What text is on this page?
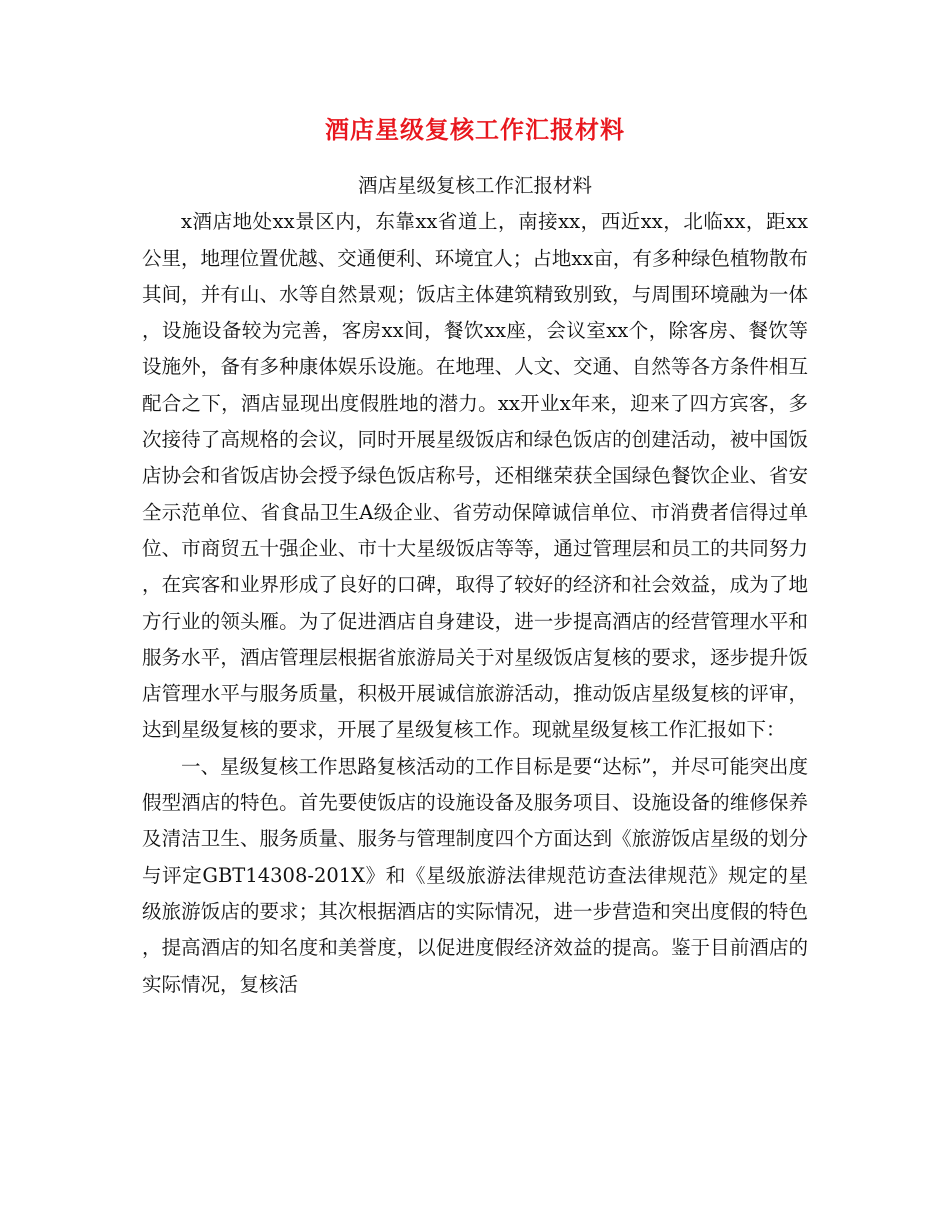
酒店星级复核工作汇报材料

酒店星级复核工作汇报材料

x酒店地处xx景区内，东靠xx省道上，南接xx，西近xx，北临xx，距xx公里，地理位置优越、交通便利、环境宜人；占地xx亩，有多种绿色植物散布其间，并有山、水等自然景观；饭店主体建筑精致别致，与周围环境融为一体，设施设备较为完善，客房xx间，餐饮xx座，会议室xx个，除客房、餐饮等设施外，备有多种康体娱乐设施。在地理、人文、交通、自然等各方条件相互配合之下，酒店显现出度假胜地的潜力。xx开业x年来，迎来了四方宾客，多次接待了高规格的会议，同时开展星级饭店和绿色饭店的创建活动，被中国饭店协会和省饭店协会授予绿色饭店称号，还相继荣获全国绿色餐饮企业、省安全示范单位、省食品卫生A级企业、省劳动保障诚信单位、市消费者信得过单位、市商贸五十强企业、市十大星级饭店等等，通过管理层和员工的共同努力，在宾客和业界形成了良好的口碑，取得了较好的经济和社会效益，成为了地方行业的领头雁。为了促进酒店自身建设，进一步提高酒店的经营管理水平和服务水平，酒店管理层根据省旅游局关于对星级饭店复核的要求，逐步提升饭店管理水平与服务质量，积极开展诚信旅游活动，推动饭店星级复核的评审，达到星级复核的要求，开展了星级复核工作。现就星级复核工作汇报如下：

一、星级复核工作思路复核活动的工作目标是要“达标”，并尽可能突出度假型酒店的特色。首先要使饭店的设施设备及服务项目、设施设备的维修保养及清洁卫生、服务质量、服务与管理制度四个方面达到《旅游饭店星级的划分与评定GBT14308-201X》和《星级旅游法律规范访查法律规范》规定的星级旅游饭店的要求；其次根据酒店的实际情况，进一步营造和突出度假的特色，提高酒店的知名度和美誉度，以促进度假经济效益的提高。鉴于目前酒店的实际情况，复核活
